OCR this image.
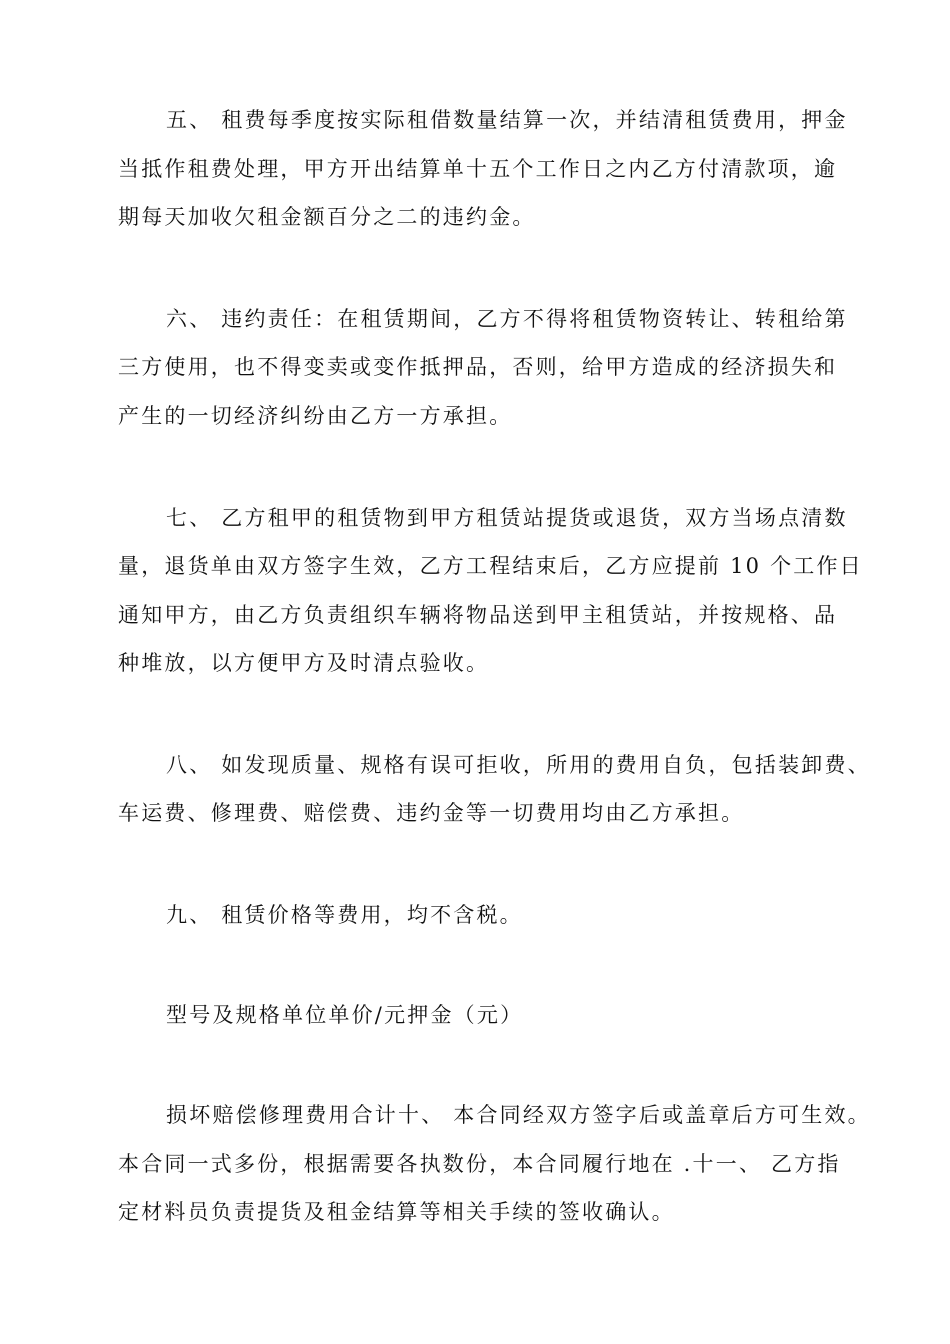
五、 租费每季度按实际租借数量结算一次，并结清租赁费用，押金
当抵作租费处理，甲方开出结算单十五个工作日之内乙方付清款项，逾
期每天加收欠租金额百分之二的违约金。
六、 违约责任：在租赁期间，乙方不得将租赁物资转让、转租给第
三方使用，也不得变卖或变作抵押品，否则，给甲方造成的经济损失和
产生的一切经济纠纷由乙方一方承担。
七、 乙方租甲的租赁物到甲方租赁站提货或退货，双方当场点清数
量，退货单由双方签字生效，乙方工程结束后，乙方应提前 10 个工作日
通知甲方，由乙方负责组织车辆将物品送到甲主租赁站，并按规格、品
种堆放，以方便甲方及时清点验收。
八、 如发现质量、规格有误可拒收，所用的费用自负，包括装卸费、
车运费、修理费、赔偿费、违约金等一切费用均由乙方承担。
九、 租赁价格等费用，均不含税。
型号及规格单位单价/元押金（元）
损坏赔偿修理费用合计十、 本合同经双方签字后或盖章后方可生效。
本合同一式多份，根据需要各执数份，本合同履行地在 .十一、 乙方指
定材料员负责提货及租金结算等相关手续的签收确认。
